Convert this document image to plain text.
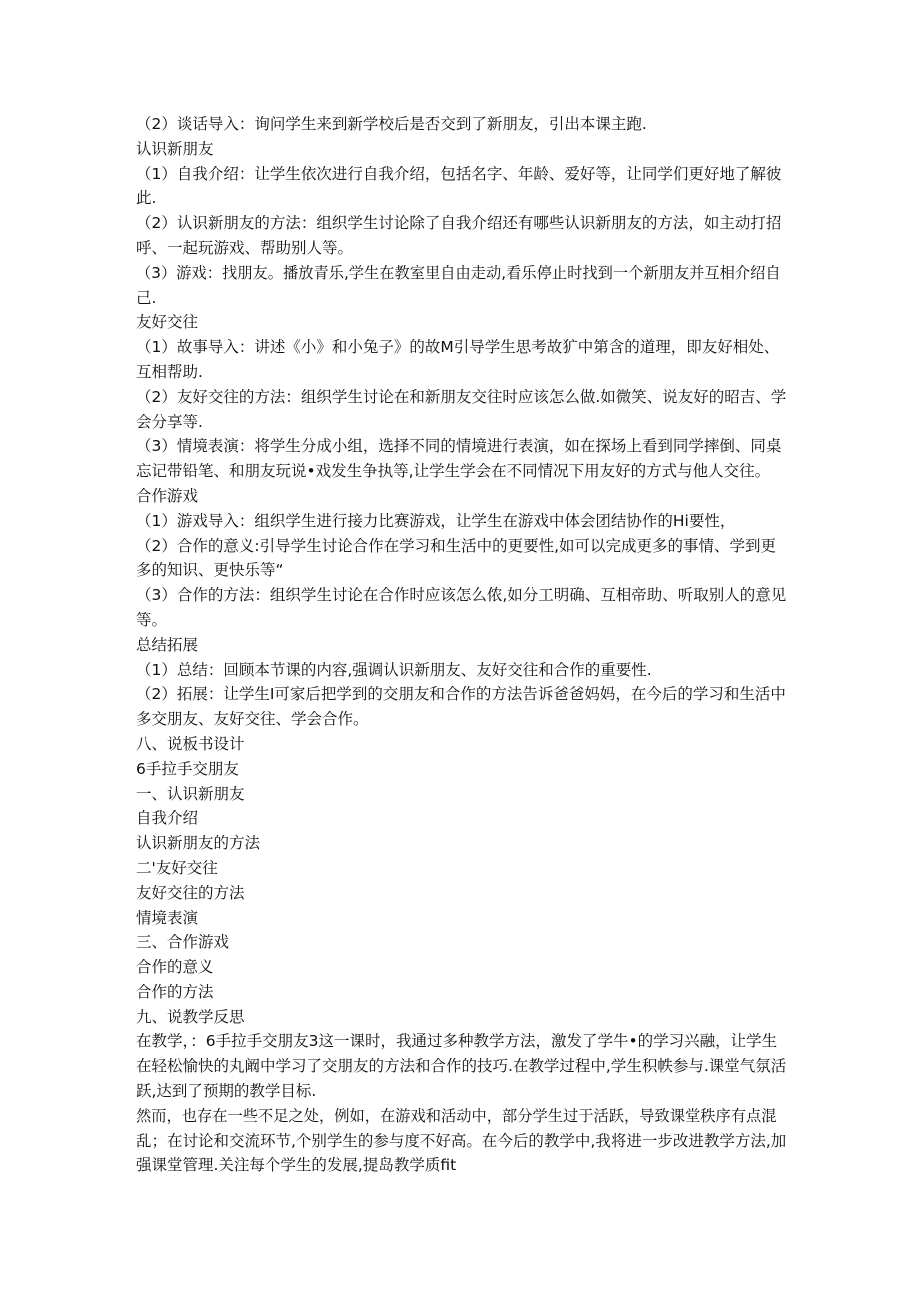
（2）谈话导入：询问学生来到新学校后是否交到了新朋友，引出本课主跑.

认识新朋友

（1）自我介绍：让学生依次进行自我介绍，包括名字、年龄、爱好等，让同学们更好地了解彼

此.

（2）认识新朋友的方法：组织学生讨论除了自我介绍还有哪些认识新朋友的方法，如主动打招

呼、一起玩游戏、帮助别人等。

（3）游戏：找朋友。播放青乐,学生在教室里自由走动,看乐停止时找到一个新朋友并互相介绍自

己.

友好交往

（1）故事导入：讲述《小》和小兔子》的故M引导学生思考故犷中第含的道理，即友好相处、

互相帮助.

（2）友好交往的方法：组织学生讨论在和新朋友交往时应该怎么做.如微笑、说友好的昭吉、学

会分享等.

（3）情境表演：将学生分成小组，选择不同的情境进行表演，如在探场上看到同学摔倒、同桌

忘记带铅笔、和朋友玩说•戏发生争执等,让学生学会在不同情况下用友好的方式与他人交往。

合作游戏

（1）游戏导入：组织学生进行接力比赛游戏，让学生在游戏中体会团结协作的Hi要性，

（2）合作的意义:引导学生讨论合作在学习和生活中的更要性,如可以完成更多的事情、学到更

多的知识、更快乐等“

（3）合作的方法：组织学生讨论在合作时应该怎么侬,如分工明确、互相帝助、听取别人的意见

等。

总结拓展

（1）总结：回顾本节课的内容,强调认识新朋友、友好交往和合作的重要性.

（2）拓展：让学生I可家后把学到的交朋友和合作的方法告诉爸爸妈妈，在今后的学习和生活中

多交朋友、友好交往、学会合作。

八、说板书设计

6手拉手交朋友

一、认识新朋友

自我介绍

认识新朋友的方法

二'友好交往

友好交往的方法

情境表演

三、合作游戏

合作的意义

合作的方法

九、说教学反思

在教学，：6手拉手交朋友3这一课时，我通过多种教学方法，激发了学牛•的学习兴融，让学生

在轻松愉快的丸阚中学习了交朋友的方法和合作的技巧.在教学过程中,学生积帙参与.课堂气氛活

跃,达到了预期的教学目标.

然而，也存在一些不足之处，例如，在游戏和活动中，部分学生过于活跃，导致课堂秩序有点混

乱；在讨论和交流环节,个别学生的参与度不好高。在今后的教学中,我将进一步改进教学方法,加

强课堂管理.关注每个学生的发展,提岛教学质fit
